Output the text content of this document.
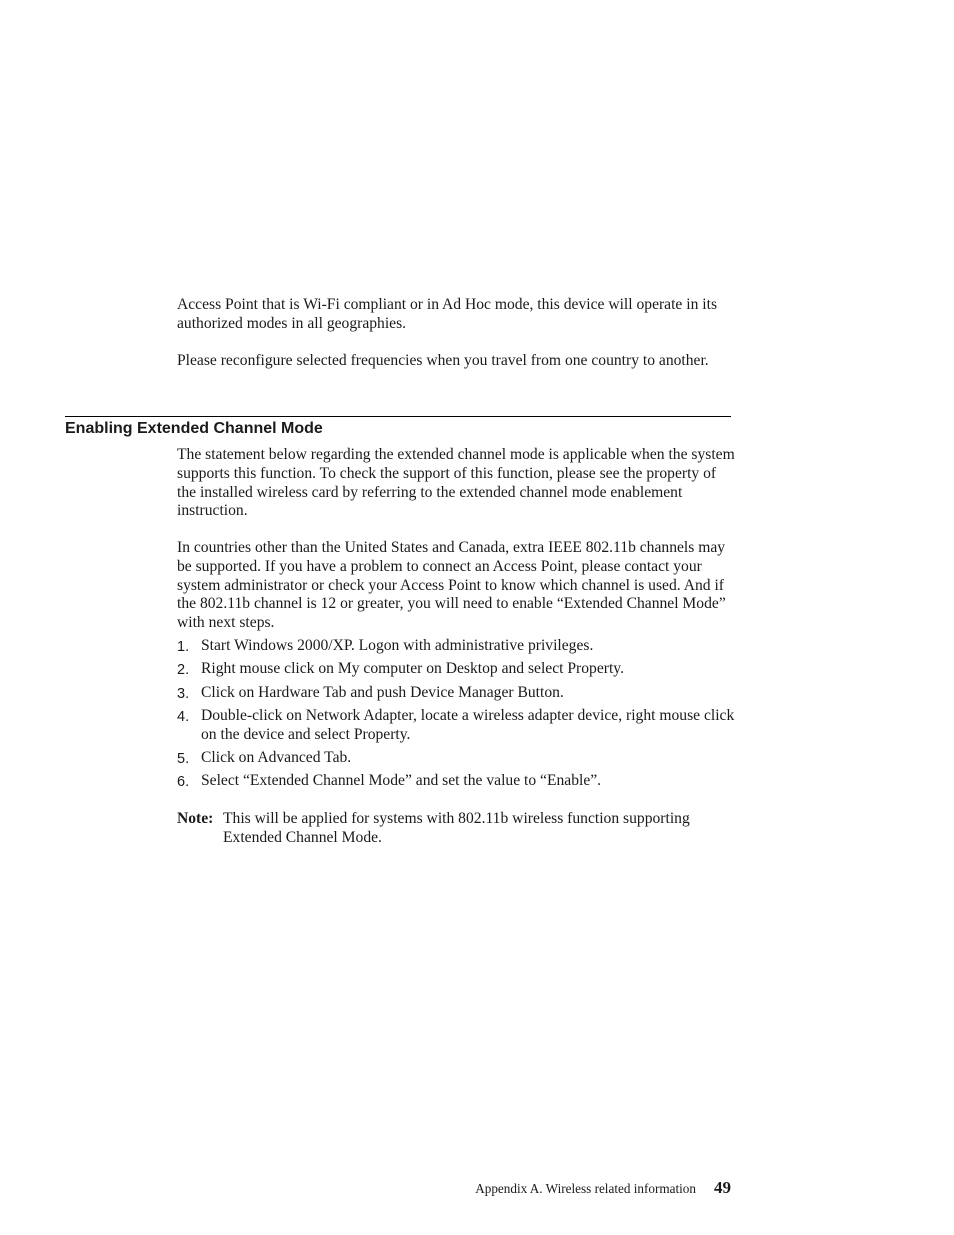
Access Point that is Wi-Fi compliant or in Ad Hoc mode, this device will operate in its authorized modes in all geographies.

Please reconfigure selected frequencies when you travel from one country to another.

Enabling Extended Channel Mode

The statement below regarding the extended channel mode is applicable when the system supports this function. To check the support of this function, please see the property of the installed wireless card by referring to the extended channel mode enablement instruction.

In countries other than the United States and Canada, extra IEEE 802.11b channels may be supported. If you have a problem to connect an Access Point, please contact your system administrator or check your Access Point to know which channel is used. And if the 802.11b channel is 12 or greater, you will need to enable “Extended Channel Mode” with next steps.

1. Start Windows 2000/XP. Logon with administrative privileges.
2. Right mouse click on My computer on Desktop and select Property.
3. Click on Hardware Tab and push Device Manager Button.
4. Double-click on Network Adapter, locate a wireless adapter device, right mouse click on the device and select Property.
5. Click on Advanced Tab.
6. Select “Extended Channel Mode” and set the value to “Enable”.
Note: This will be applied for systems with 802.11b wireless function supporting Extended Channel Mode.
Appendix A. Wireless related information 49
